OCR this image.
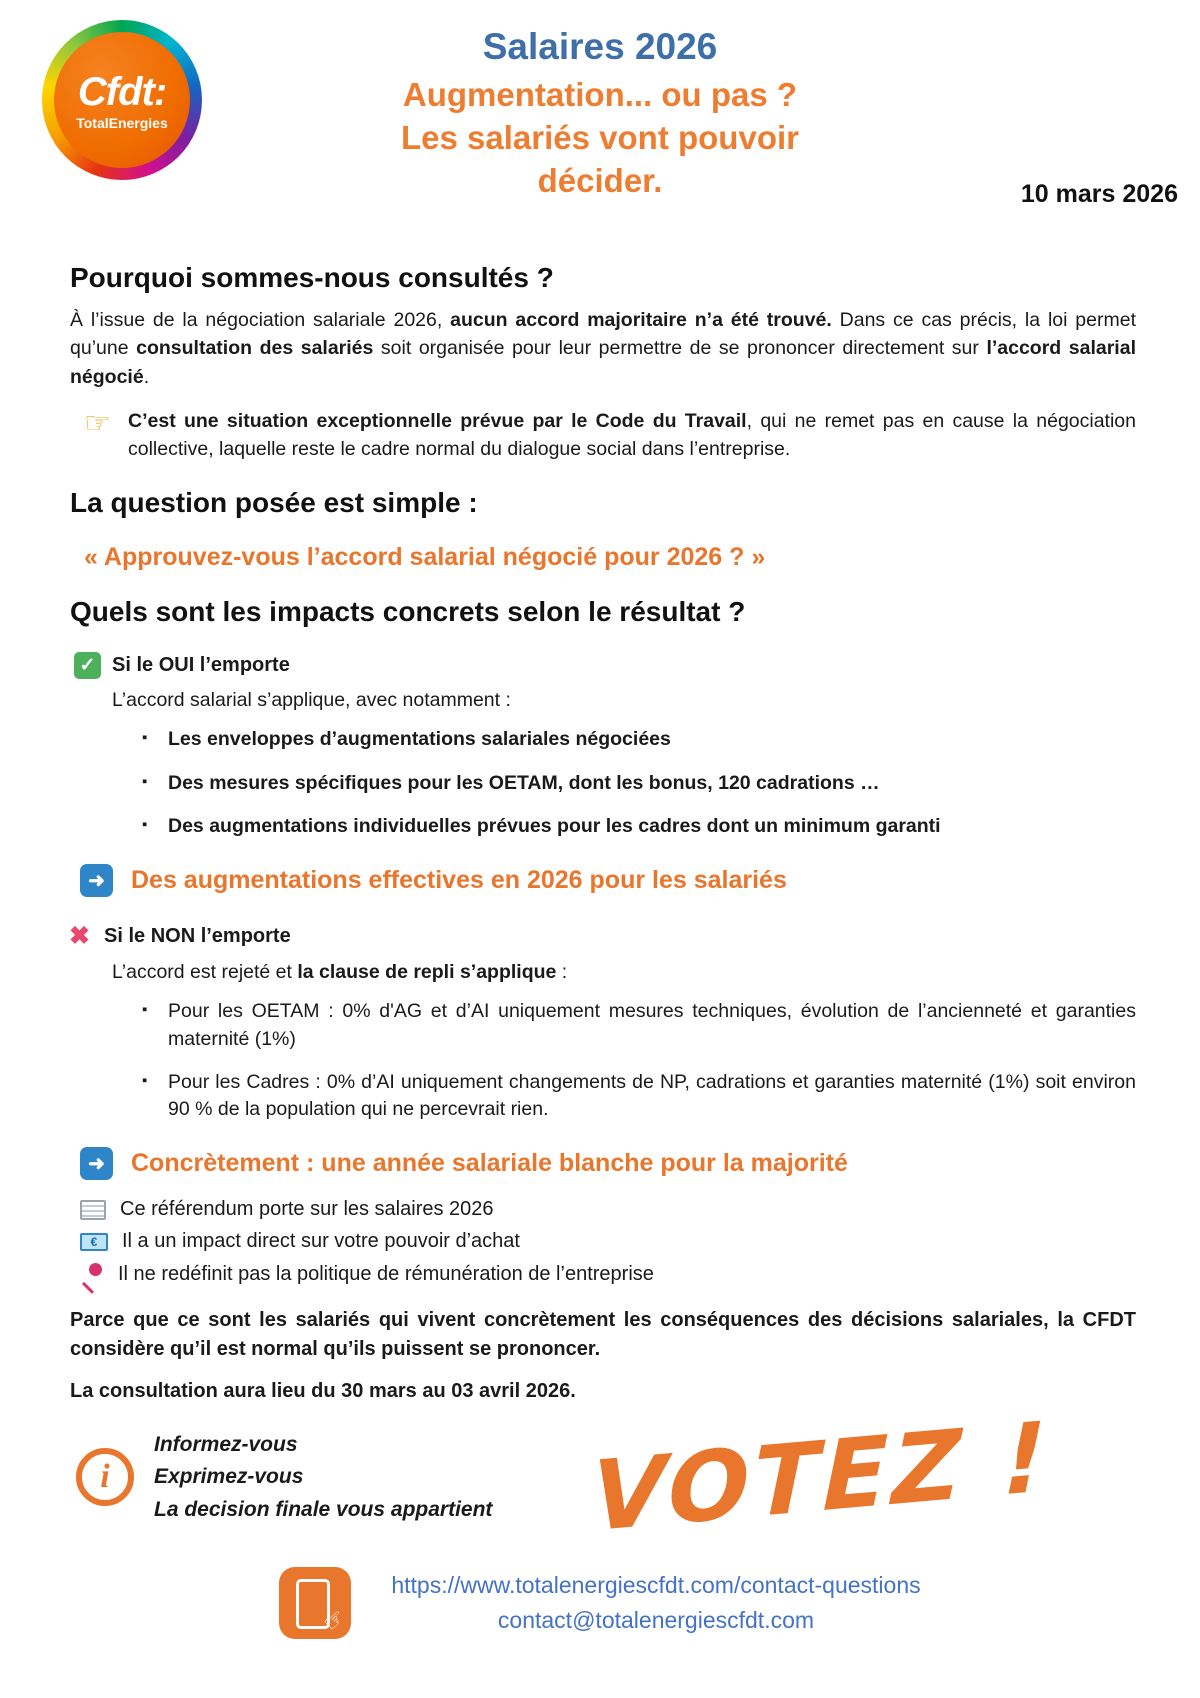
Cfdt:
TotalEnergies
Salaires 2026
Augmentation... ou pas ?
Les salariés vont pouvoir
décider.	10 mars 2026
Pourquoi sommes-nous consultés ?

À l’issue de la négociation salariale 2026, aucun accord majoritaire n’a été trouvé. Dans ce cas précis, la loi permet qu’une consultation des salariés soit organisée pour leur permettre de se prononcer directement sur l’accord salarial négocié.

☞ C’est une situation exceptionnelle prévue par le Code du Travail, qui ne remet pas en cause la négociation collective, laquelle reste le cadre normal du dialogue social dans l’entreprise.

La question posée est simple :
« Approuvez-vous l’accord salarial négocié pour 2026 ? »
Quels sont les impacts concrets selon le résultat ?
✓ Si le OUI l’emporte

L’accord salarial s’applique, avec notamment :

▪ Les enveloppes d’augmentations salariales négociées
▪ Des mesures spécifiques pour les OETAM, dont les bonus, 120 cadrations …
▪ Des augmentations individuelles prévues pour les cadres dont un minimum garanti
➜	Des augmentations effectives en 2026 pour les salariés
✖ Si le NON l’emporte

L’accord est rejeté et la clause de repli s’applique :

▪ Pour les OETAM : 0% d'AG et d’AI uniquement mesures techniques, évolution de l’ancienneté et garanties maternité (1%)
▪ Pour les Cadres : 0% d’AI uniquement changements de NP, cadrations et garanties maternité (1%) soit environ 90 % de la population qui ne percevrait rien.
➜	Concrètement : une année salariale blanche pour la majorité
Ce référendum porte sur les salaires 2026
€	Il a un impact direct sur votre pouvoir d’achat
Il ne redéfinit pas la politique de rémunération de l’entreprise

Parce que ce sont les salariés qui vivent concrètement les conséquences des décisions salariales, la CFDT considère qu’il est normal qu’ils puissent se prononcer.

La consultation aura lieu du 30 mars au 03 avril 2026.

i
Informez-vous
Exprimez-vous
La decision finale vous appartient	VOTEZ !
☞
https://www.totalenergiescfdt.com/contact-questions
contact@totalenergiescfdt.com
